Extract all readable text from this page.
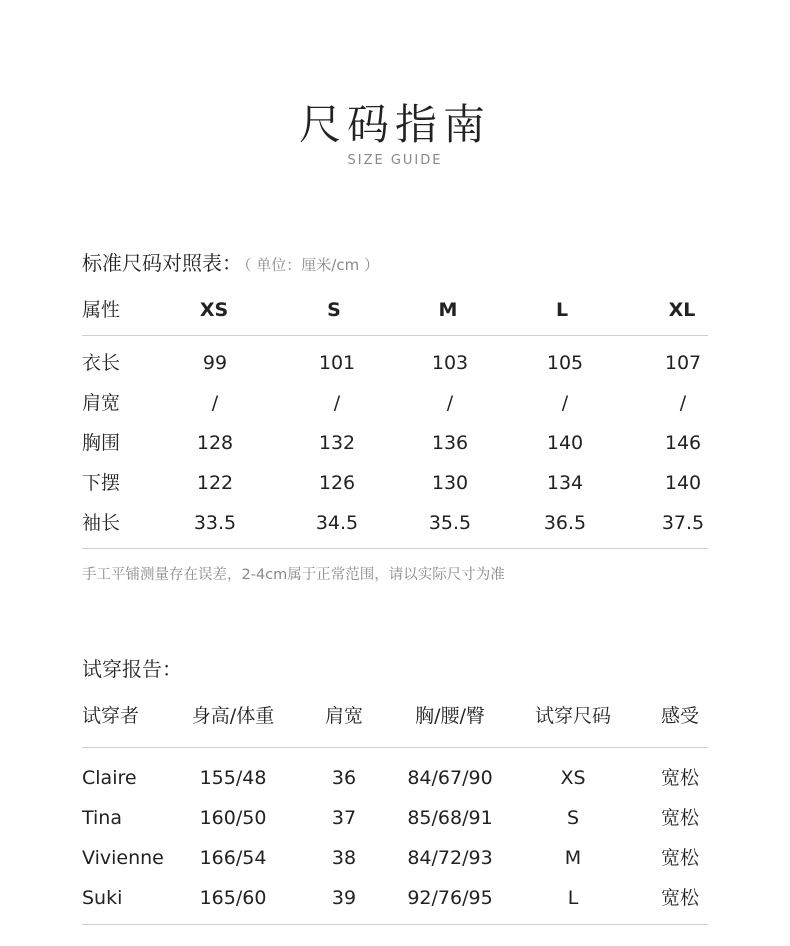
尺码指南
SIZE GUIDE
标准尺码对照表： （ 单位：厘米/cm ）
属性	XS	S	M	L	XL
衣长	99	101	103	105	107
肩宽	/	/	/	/	/
胸围	128	132	136	140	146
下摆	122	126	130	134	140
袖长	33.5	34.5	35.5	36.5	37.5
手工平铺测量存在误差，2-4cm属于正常范围，请以实际尺寸为准
试穿报告：
试穿者	身高/体重	肩宽	胸/腰/臀	试穿尺码	感受
Claire	155/48	36	84/67/90	XS	宽松
Tina	160/50	37	85/68/91	S	宽松
Vivienne 166/54	38	84/72/93	M	宽松
Suki	165/60	39	92/76/95	L	宽松
